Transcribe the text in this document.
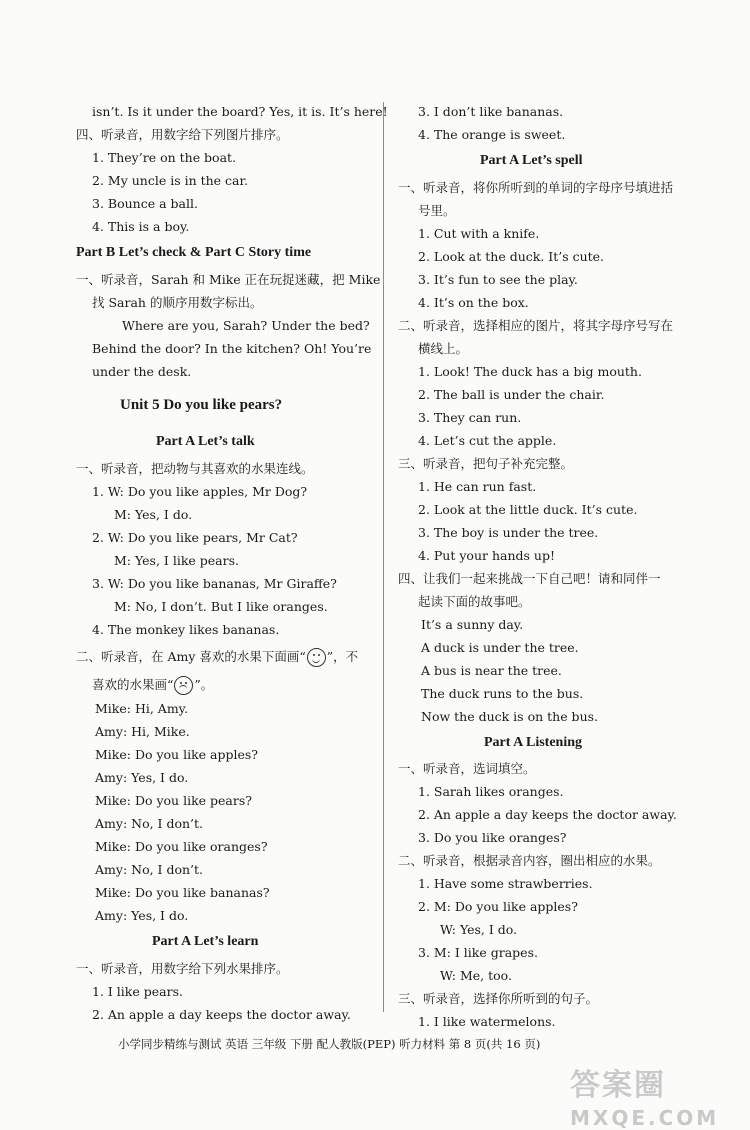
isn’t. Is it under the board? Yes, it is. It’s here!
四、听录音，用数字给下列图片排序。
1. They’re on the boat.
2. My uncle is in the car.
3. Bounce a ball.
4. This is a boy.
Part B Let’s check & Part C Story time
一、听录音，Sarah 和 Mike 正在玩捉迷藏，把 Mike
找 Sarah 的顺序用数字标出。
Where are you, Sarah? Under the bed?
Behind the door? In the kitchen? Oh! You’re
under the desk.
Unit 5 Do you like pears?
Part A Let’s talk
一、听录音，把动物与其喜欢的水果连线。
1. W: Do you like apples, Mr Dog?
M: Yes, I do.
2. W: Do you like pears, Mr Cat?
M: Yes, I like pears.
3. W: Do you like bananas, Mr Giraffe?
M: No, I don’t. But I like oranges.
4. The monkey likes bananas.
二、听录音，在 Amy 喜欢的水果下面画“ ”，不
喜欢的水果画“ ”。
Mike: Hi, Amy.
Amy: Hi, Mike.
Mike: Do you like apples?
Amy: Yes, I do.
Mike: Do you like pears?
Amy: No, I don’t.
Mike: Do you like oranges?
Amy: No, I don’t.
Mike: Do you like bananas?
Amy: Yes, I do.
Part A Let’s learn
一、听录音，用数字给下列水果排序。
1. I like pears.
2. An apple a day keeps the doctor away.
3. I don’t like bananas.
4. The orange is sweet.
Part A Let’s spell
一、听录音，将你所听到的单词的字母序号填进括
号里。
1. Cut with a knife.
2. Look at the duck. It’s cute.
3. It’s fun to see the play.
4. It’s on the box.
二、听录音，选择相应的图片，将其字母序号写在
横线上。
1. Look! The duck has a big mouth.
2. The ball is under the chair.
3. They can run.
4. Let’s cut the apple.
三、听录音，把句子补充完整。
1. He can run fast.
2. Look at the little duck. It’s cute.
3. The boy is under the tree.
4. Put your hands up!
四、让我们一起来挑战一下自己吧！请和同伴一
起读下面的故事吧。
It’s a sunny day.
A duck is under the tree.
A bus is near the tree.
The duck runs to the bus.
Now the duck is on the bus.
Part A Listening
一、听录音，选词填空。
1. Sarah likes oranges.
2. An apple a day keeps the doctor away.
3. Do you like oranges?
二、听录音，根据录音内容，圈出相应的水果。
1. Have some strawberries.
2. M: Do you like apples?
W: Yes, I do.
3. M: I like grapes.
W: Me, too.
三、听录音，选择你所听到的句子。
1. I like watermelons.
小学同步精练与测试 英语 三年级 下册 配人教版(PEP) 听力材料 第 8 页(共 16 页)
答案圈
MXQE.COM
